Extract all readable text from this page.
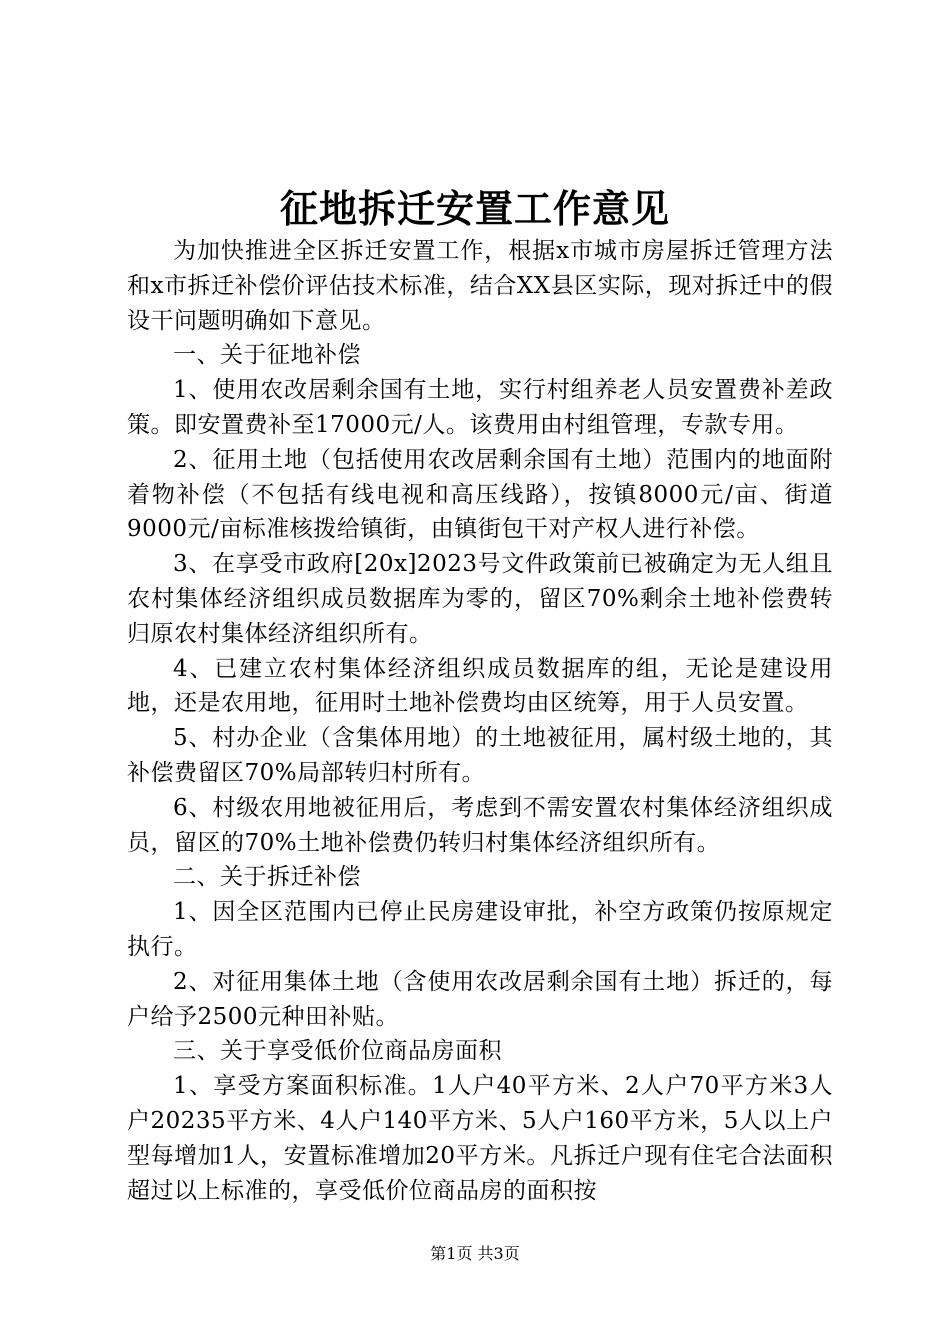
征地拆迁安置工作意见

为加快推进全区拆迁安置工作，根据x市城市房屋拆迁管理方法和x市拆迁补偿价评估技术标准，结合XX县区实际，现对拆迁中的假设干问题明确如下意见。

一、关于征地补偿

1、使用农改居剩余国有土地，实行村组养老人员安置费补差政策。即安置费补至17000元/人。该费用由村组管理，专款专用。

2、征用土地（包括使用农改居剩余国有土地）范围内的地面附着物补偿（不包括有线电视和高压线路），按镇8000元/亩、街道9000元/亩标准核拨给镇街，由镇街包干对产权人进行补偿。

3、在享受市政府[20x]2023号文件政策前已被确定为无人组且农村集体经济组织成员数据库为零的，留区70%剩余土地补偿费转归原农村集体经济组织所有。

4、已建立农村集体经济组织成员数据库的组，无论是建设用地，还是农用地，征用时土地补偿费均由区统筹，用于人员安置。

5、村办企业（含集体用地）的土地被征用，属村级土地的，其补偿费留区70%局部转归村所有。

6、村级农用地被征用后，考虑到不需安置农村集体经济组织成员，留区的70%土地补偿费仍转归村集体经济组织所有。

二、关于拆迁补偿

1、因全区范围内已停止民房建设审批，补空方政策仍按原规定执行。

2、对征用集体土地（含使用农改居剩余国有土地）拆迁的，每户给予2500元种田补贴。

三、关于享受低价位商品房面积

1、享受方案面积标准。1人户40平方米、2人户70平方米3人户20235平方米、4人户140平方米、5人户160平方米，5人以上户型每增加1人，安置标准增加20平方米。凡拆迁户现有住宅合法面积超过以上标准的，享受低价位商品房的面积按

第1页 共3页
